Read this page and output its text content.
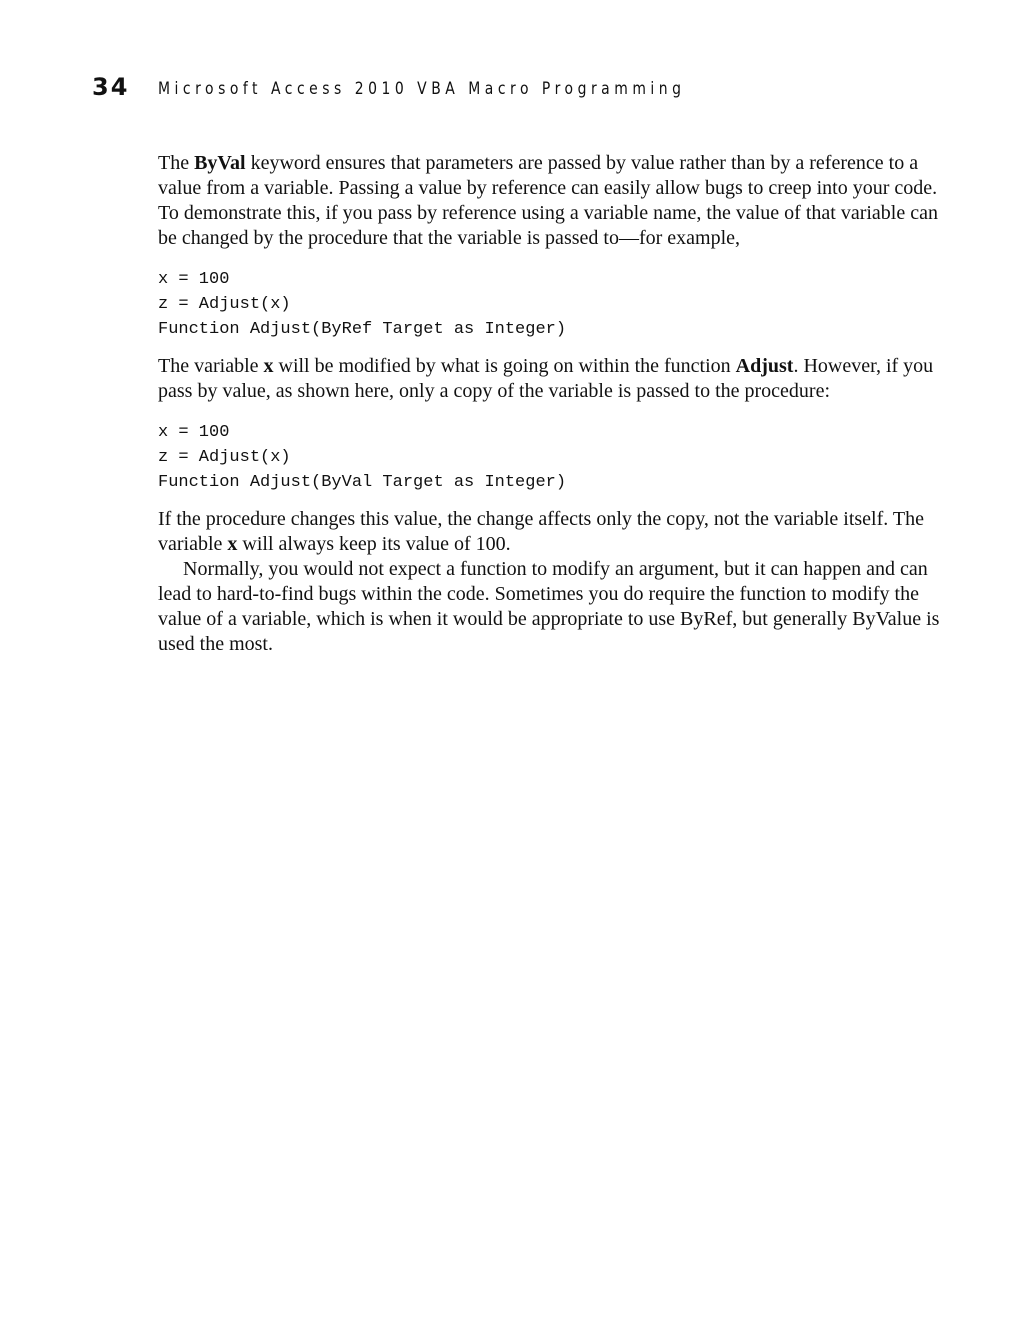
34 Microsoft Access 2010 VBA Macro Programming

The ByVal keyword ensures that parameters are passed by value rather than by a reference to a value from a variable. Passing a value by reference can easily allow bugs to creep into your code. To demonstrate this, if you pass by reference using a variable name, the value of that variable can be changed by the procedure that the variable is passed to—for example,

x = 100
z = Adjust(x)
Function Adjust(ByRef Target as Integer)

The variable x will be modified by what is going on within the function Adjust. However, if you pass by value, as shown here, only a copy of the variable is passed to the procedure:

x = 100
z = Adjust(x)
Function Adjust(ByVal Target as Integer)

If the procedure changes this value, the change affects only the copy, not the variable itself. The variable x will always keep its value of 100.

Normally, you would not expect a function to modify an argument, but it can happen and can lead to hard-to-find bugs within the code. Sometimes you do require the function to modify the value of a variable, which is when it would be appropriate to use ByRef, but generally ByValue is used the most.
